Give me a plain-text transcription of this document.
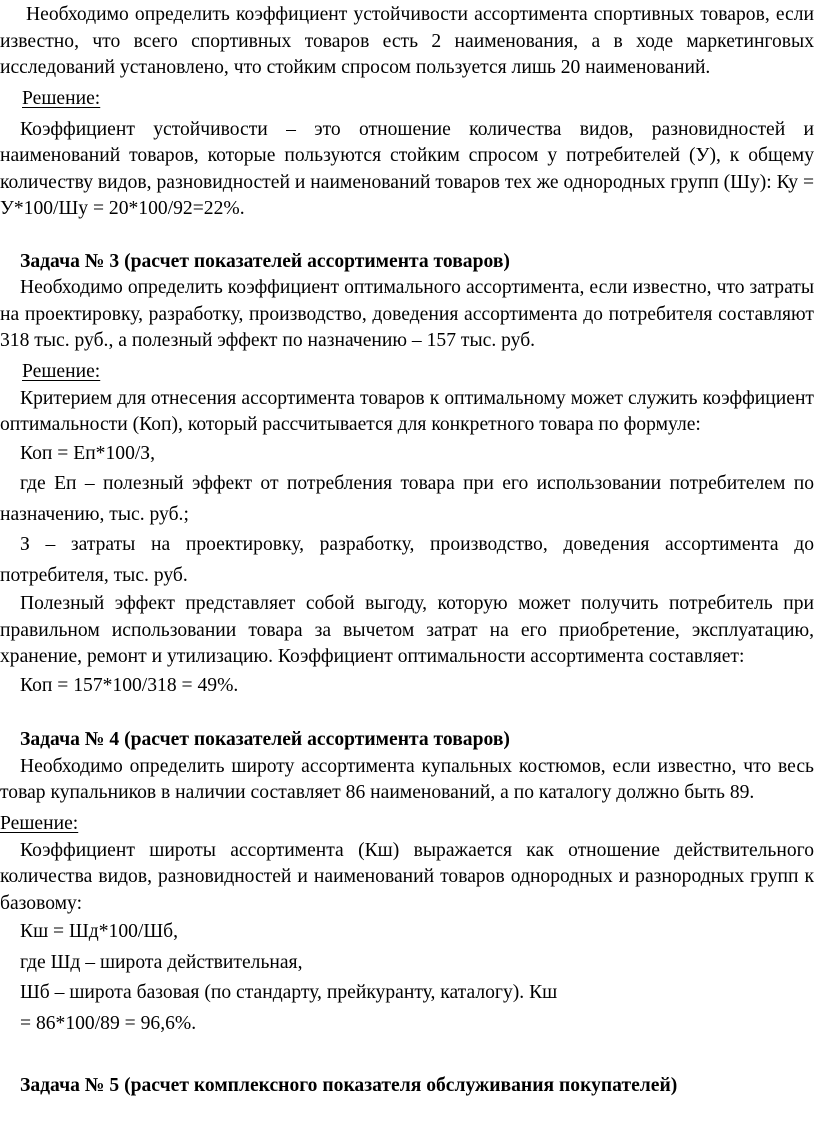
Необходимо определить коэффициент устойчивости ассортимента спортивных товаров, если известно, что всего спортивных товаров есть 2 наименования, а в ходе маркетинговых исследований установлено, что стойким спросом пользуется лишь 20 наименований.

Решение:

Коэффициент устойчивости – это отношение количества видов, разновидностей и наименований товаров, которые пользуются стойким спросом у потребителей (У), к общему количеству видов, разновидностей и наименований товаров тех же однородных групп (Шу): Ку = У*100/Шу = 20*100/92=22%.

Задача № 3 (расчет показателей ассортимента товаров)

Необходимо определить коэффициент оптимального ассортимента, если известно, что затраты на проектировку, разработку, производство, доведения ассортимента до потребителя составляют 318 тыс. руб., а полезный эффект по назначению – 157 тыс. руб.

Решение:

Критерием для отнесения ассортимента товаров к оптимальному может служить коэффициент оптимальности (Коп), который рассчитывается для конкретного товара по формуле:

Коп = Еп*100/З,

где Еп – полезный эффект от потребления товара при его использовании потребителем по назначению, тыс. руб.;

З – затраты на проектировку, разработку, производство, доведения ассортимента до потребителя, тыс. руб.

Полезный эффект представляет собой выгоду, которую может получить потребитель при правильном использовании товара за вычетом затрат на его приобретение, эксплуатацию, хранение, ремонт и утилизацию. Коэффициент оптимальности ассортимента составляет:

Коп = 157*100/318 = 49%.

Задача № 4 (расчет показателей ассортимента товаров)

Необходимо определить широту ассортимента купальных костюмов, если известно, что весь товар купальников в наличии составляет 86 наименований, а по каталогу должно быть 89.

Решение:

Коэффициент широты ассортимента (Кш) выражается как отношение действительного количества видов, разновидностей и наименований товаров однородных и разнородных групп к базовому:

Кш = Шд*100/Шб,

где Шд – широта действительная,

Шб – широта базовая (по стандарту, прейкуранту, каталогу). Кш

= 86*100/89 = 96,6%.

Задача № 5 (расчет комплексного показателя обслуживания покупателей)
